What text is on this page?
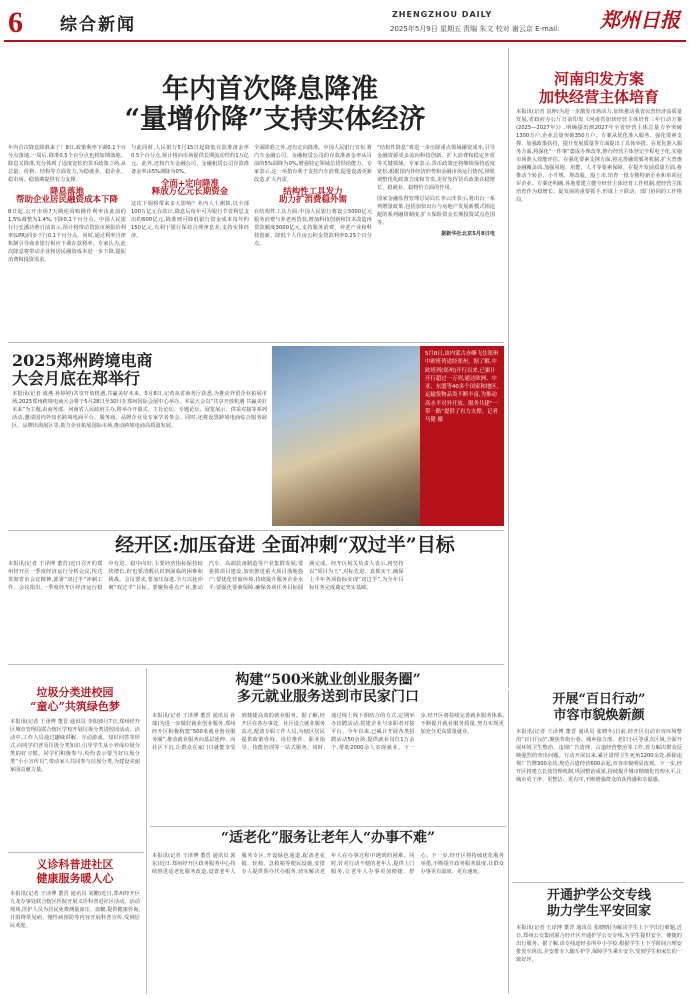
6	综合新闻
ZHENGZHOU DAILY
2025年5月9日 星期五 责编 朱文 校对 谢云京 E-mail: 郑州日报
年内首次降息降准
“量增价降”支持实体经济
年内首次降息降准来了！8日,政策利率下调0.1个百分点落地,一周后,降准0.5个百分点也将如期落地。降息又降准,充分体现了适度宽松的货币政策立场,从总量、价格、结构等方面发力,为稳就业、稳企业、稳市场、稳预期提供有力支撑。
降息落地
帮助企业居民融资成本下降
8日起,公开市场7天期逆回购操作利率由此前的1.5%调整为1.4%,下降0.1个百分点。中国人民银行行长潘功胜日前表示,预计将带动贷款市场报价利率(LPR)同步下行0.1个百分点。同时,通过利率自律机制引导商业银行相应下调存款利率。专家认为,此次降息将带动企业和居民融资成本进一步下降,提振消费和投资需求。
与此同时,人民银行5月15日起降低存款准备金率0.5个百分点,预计将向市场提供长期流动性约1万亿元。此外,还将汽车金融公司、金融租赁公司存款准备金率由5%调降为0%。
全面+定向降准
释放万亿元长期资金
这次下调将带来多大影响？业内人士测算,以全部100万亿元存款计,降息后每年可为银行节省利息支出约600亿元,降准则可降低银行资金成本每年约150亿元,有利于银行保持合理净息差,支持实体经济。
全面降准之外,还有定向降准。中国人民银行宣布,将汽车金融公司、金融租赁公司的存款准备金率从目前的5%调降为0%,增强特定领域信贷供给能力。专家表示,这一举措有利于支持汽车消费,促进设备更新改造,扩大内需。
结构性工具发力
助力扩消费稳外需
在结构性工具方面,中国人民银行将设立5000亿元服务消费与养老再贷款,增加科技创新和技术改造再贷款额度3000亿元,支持服务消费、养老产业和科技创新。降低个人住房公积金贷款利率0.25个百分点。
“结构性降息”将进一步压降重点领域融资成本,引导金融资源更多流向科技创新、扩大消费和稳定外贸等关键领域。专家表示,货币政策还将继续保持适度宽松,根据国内外经济形势和金融市场运行情况,择机调整优化政策力度和节奏,更好发挥货币政策在稳增长、稳就业、稳物价方面的作用。
国家金融监督管理总局局长李云泽表示,将出台一系列增量政策,包括加快出台与房地产发展新模式相适配的系列融资制度,扩大保险资金长期投资试点范围等。
据新华社北京5月8日电
河南印发方案
加快经营主体培育
本报讯(记者 袁坤)为进一步激发市场活力,加快推动我省民营经济高质量发展,省政府办公厅日前印发《河南省加快经营主体培育三年行动方案(2025—2027年)》,明确提出到2027年全省经营主体总量力争突破1300万户,企业总量突破350万户。方案从优化准入服务、强化要素支撑、加强政策扶持、提升发展质量等方面提出了具体举措。在优化准入服务方面,将深化“一件事”集成办理改革,推行经营主体登记全程电子化,实施市场准入效能评估。在强化要素支撑方面,将完善融资服务机制,扩大普惠金融覆盖面,加强用地、用能、人才等要素保障。在提升发展质量方面,将推动个转企、小升规、规改股、股上市,培育一批专精特新企业和单项冠军企业。方案还明确,各地要建立健全经营主体培育工作机制,把经营主体培育作为稳增长、促发展的重要抓手,形成上下联动、部门协同的工作格局。
2025郑州跨境电商
大会月底在郑举行
本报讯(记者 成燕 孙婷婷)共享开放机遇,共赢美好未来。5月8日,记者从省商务厅获悉,为推动外贸企业拓展市场,2025郑州跨境电商大会将于5月28日至30日在郑州国际会展中心举办。本届大会以“共享开放机遇 共赢美好未来”为主题,由商务部、河南省人民政府主办,将举办开幕式、主旨论坛、专题论坛、展览展示、供采对接等系列活动,邀请国内外知名跨境电商平台、服务商、品牌企业及专家学者参会。同时,还将设置跨境电商综合服务展区、品牌出海展区等,助力企业拓展国际市场,推动跨境电商高质量发展。
5月8日,由内蒙古赤峰飞往郑州中欧班列途经郑州。据了解,中欧班列(郑州)开行以来,已累计开行超过一万列,通达欧洲、中亚、东盟等40多个国家和地区,运输货物品类不断丰富,为推动高水平对外开放、服务共建“一带一路”提供了有力支撑。记者 马健 摄
经开区:加压奋进 全面冲刺“双过半”目标
本报讯(记者 王译博 董晋)近日召开的郑州经开区一季度经济运行分析会议,传达贯彻省市会议精神,部署“双过半”冲刺工作。会议指出,一季度经开区经济运行稳中有进、稳中向好,主要经济指标保持较快增长,但也要清醒认识到面临的困难和挑战。会议要求,要加压奋进,全力以赴冲刺“双过半”目标。要聚焦重点产业,推动汽车、高端装备制造等产业集群发展;要狠抓项目建设,加快推进重大项目落地投产;要优化营商环境,持续提升服务企业水平;要强化要素保障,确保各项任务目标圆满完成。经开区相关负责人表示,将坚持以“项目为王”,对标先进、真抓实干,确保上半年各项指标实现“双过半”,为全年目标任务完成奠定坚实基础。
垃圾分类进校园
“童心”共筑绿色梦
本报讯(记者 王译博 董晋 通讯员 李阳)5月7日,郑州经开区城市管理局联合辖区学校开展垃圾分类进校园活动。活动中,工作人员通过趣味讲解、互动游戏、知识问答等形式,向同学们普及垃圾分类知识,引导学生从小养成垃圾分类的好习惯。同学们积极参与,纷纷表示要当好垃圾分类“小小宣传员”,带动家人共同参与垃圾分类,为建设美丽家园贡献力量。
义诊科普进社区
健康服务暖人心
本报讯(记者 王译博 董晋 通讯员 刘鹏)近日,郑州经开区九龙办事处联合辖区医院开展义诊科普进社区活动。活动现场,医护人员为居民免费测量血压、血糖,提供健康咨询,并围绕常见病、慢性病预防等内容开展科普宣传,受到居民欢迎。
构建“500米就业创业服务圈”
多元就业服务送到市民家门口
本报讯(记者 王译博 董晋 通讯员 孙瑞)为进一步做好就业创业服务,郑州经开区积极构建“500米就业创业服务圈”,推动就业服务向基层延伸、向社区下沉,让群众在家门口就能享受到便捷高效的就业服务。据了解,经开区在各办事处、社区设立就业服务站点,配备专职工作人员,为辖区居民提供政策咨询、岗位推荐、职业指导、技能培训等一站式服务。同时,通过线上线下相结合的方式,定期举办招聘活动,搭建企业与求职者对接平台。今年以来,已累计开展各类招聘活动50余场,提供就业岗位1万余个,帮助2000余人实现就业。下一步,经开区将持续完善就业服务体系,不断提升就业服务质量,努力实现更加充分更高质量就业。
“适老化”服务让老年人“办事不难”
本报讯(记者 王译博 董晋 通讯员 郭东)近日,郑州经开区政务服务中心持续推进适老化服务改造,设置老年人服务专区,开设绿色通道,配备老花镜、轮椅、急救箱等便民设施,安排专人提供帮办代办服务,切实解决老年人在办事过程中遇到的困难。同时,针对行动不便的老年人,提供上门服务,让老年人办事更加便捷、舒心。下一步,经开区将持续优化服务举措,不断提升政务服务温度,让群众办事更有温度、更有速度。
开展“百日行动”
市容市貌焕新颜
本报讯(记者 王译博 董晋 通讯员 张晓冬)日前,经开区启动市容环境整治“百日行动”,聚焦背街小巷、城乡接合部、老旧小区等重点区域,全面开展环境卫生整治、违规广告清理、占道经营整治等工作,着力解决群众反映强烈的突出问题。行动开展以来,累计清理卫生死角1200余处,拆除违规广告牌300余块,规范占道经营600余起,市容市貌明显改观。下一步,经开区将建立长效管理机制,巩固整治成果,持续提升城市精细化管理水平,让城市更干净、更整洁、更有序,不断增强群众的获得感和幸福感。
开通护学公交专线
助力学生平安回家
本报讯(记者 王译博 董晋 通讯员 张晓晴)为解决学生上下学出行难题,近日,郑州公交集团联合经开区开通护学公交专线,为学生提供安全、便捷的出行服务。据了解,该专线途经多所中小学校,根据学生上下学时间合理安排发车班次,并安排专人随车护学,保障学生乘车安全,受到学生和家长的一致好评。
